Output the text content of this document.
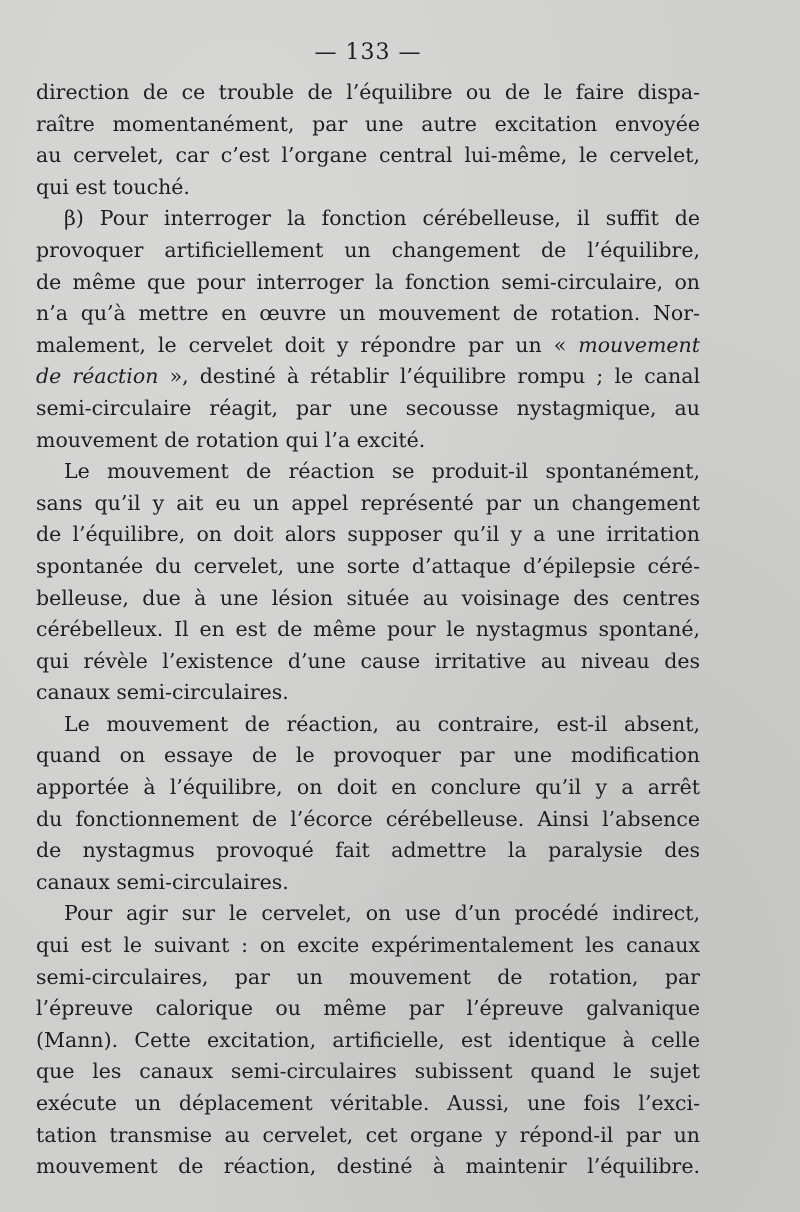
— 133 —
direction de ce trouble de l’équilibre ou de le faire dispa-
raître momentanément, par une autre excitation envoyée
au cervelet, car c’est l’organe central lui-même, le cervelet,
qui est touché.
β) Pour interroger la fonction cérébelleuse, il suffit de
provoquer artificiellement un changement de l’équilibre,
de même que pour interroger la fonction semi-circulaire, on
n’a qu’à mettre en œuvre un mouvement de rotation. Nor-
malement, le cervelet doit y répondre par un « mouvement
de réaction », destiné à rétablir l’équilibre rompu ; le canal
semi-circulaire réagit, par une secousse nystagmique, au
mouvement de rotation qui l’a excité.
Le mouvement de réaction se produit-il spontanément,
sans qu’il y ait eu un appel représenté par un changement
de l’équilibre, on doit alors supposer qu’il y a une irritation
spontanée du cervelet, une sorte d’attaque d’épilepsie céré-
belleuse, due à une lésion située au voisinage des centres
cérébelleux. Il en est de même pour le nystagmus spontané,
qui révèle l’existence d’une cause irritative au niveau des
canaux semi-circulaires.
Le mouvement de réaction, au contraire, est-il absent,
quand on essaye de le provoquer par une modification
apportée à l’équilibre, on doit en conclure qu’il y a arrêt
du fonctionnement de l’écorce cérébelleuse. Ainsi l’absence
de nystagmus provoqué fait admettre la paralysie des
canaux semi-circulaires.
Pour agir sur le cervelet, on use d’un procédé indirect,
qui est le suivant : on excite expérimentalement les canaux
semi-circulaires, par un mouvement de rotation, par
l’épreuve calorique ou même par l’épreuve galvanique
(Mann). Cette excitation, artificielle, est identique à celle
que les canaux semi-circulaires subissent quand le sujet
exécute un déplacement véritable. Aussi, une fois l’exci-
tation transmise au cervelet, cet organe y répond-il par un
mouvement de réaction, destiné à maintenir l’équilibre.
